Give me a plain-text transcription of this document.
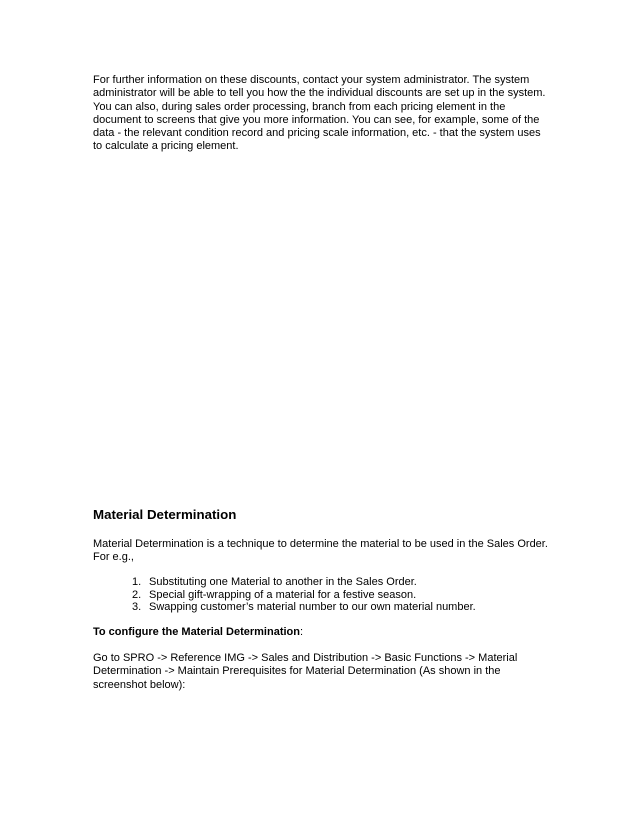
For further information on these discounts, contact your system administrator. The system administrator will be able to tell you how the the individual discounts are set up in the system. You can also, during sales order processing, branch from each pricing element in the document to screens that give you more information. You can see, for example, some of the data - the relevant condition record and pricing scale information, etc. - that the system uses to calculate a pricing element.

Material Determination

Material Determination is a technique to determine the material to be used in the Sales Order. For e.g.,

1. Substituting one Material to another in the Sales Order.
2. Special gift-wrapping of a material for a festive season.
3. Swapping customer’s material number to our own material number.

To configure the Material Determination:

Go to SPRO -> Reference IMG -> Sales and Distribution -> Basic Functions -> Material Determination -> Maintain Prerequisites for Material Determination (As shown in the screenshot below):
